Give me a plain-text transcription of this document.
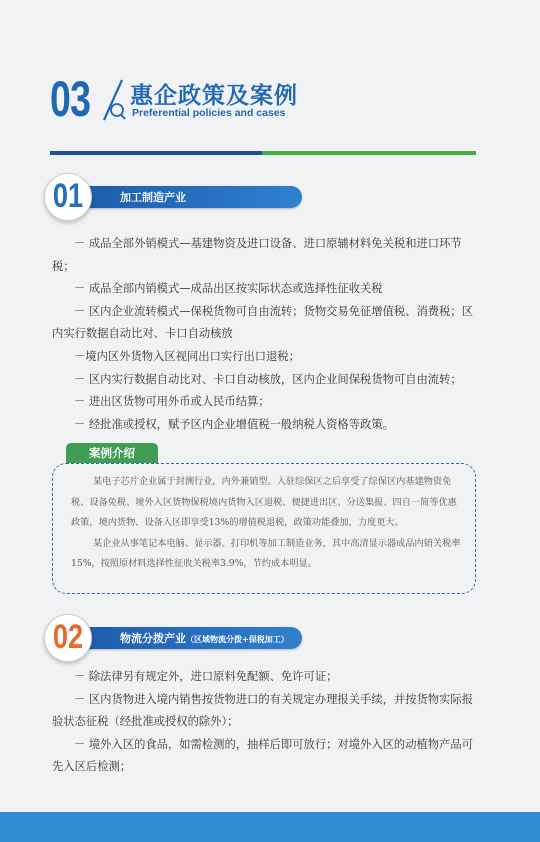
03 惠企政策及案例
Preferential policies and cases
加工制造产业
01

－ 成品全部外销模式—基建物资及进口设备、进口原辅材料免关税和进口环节税；

－ 成品全部内销模式—成品出区按实际状态或选择性征收关税

－ 区内企业流转模式—保税货物可自由流转；货物交易免征增值税、消费税；区内实行数据自动比对、卡口自动核放

－境内区外货物入区视同出口实行出口退税；

－ 区内实行数据自动比对、卡口自动核放，区内企业间保税货物可自由流转；

－ 进出区货物可用外币或人民币结算；

－ 经批准或授权，赋予区内企业增值税一般纳税人资格等政策。

案例介绍

某电子芯片企业属于封测行业，内外兼销型。入驻综保区之后享受了综保区内基建物资免税、设备免税、境外入区货物保税境内货物入区退税、便捷进出区、分送集报、四自一简等优惠政策，境内货物、设备入区即享受13%的增值税退税，政策功能叠加，力度更大。

某企业从事笔记本电脑、显示器、打印机等加工制造业务，其中高清显示器成品内销关税率15%，按照原材料选择性征收关税率3.9%，节约成本明显。

物流分拨产业（区域物流分拨+保税加工）
02

－ 除法律另有规定外，进口原料免配额、免许可证；

－ 区内货物进入境内销售按货物进口的有关规定办理报关手续，并按货物实际报验状态征税（经批准或授权的除外）；

－ 境外入区的食品，如需检测的，抽样后即可放行；对境外入区的动植物产品可先入区后检测；
